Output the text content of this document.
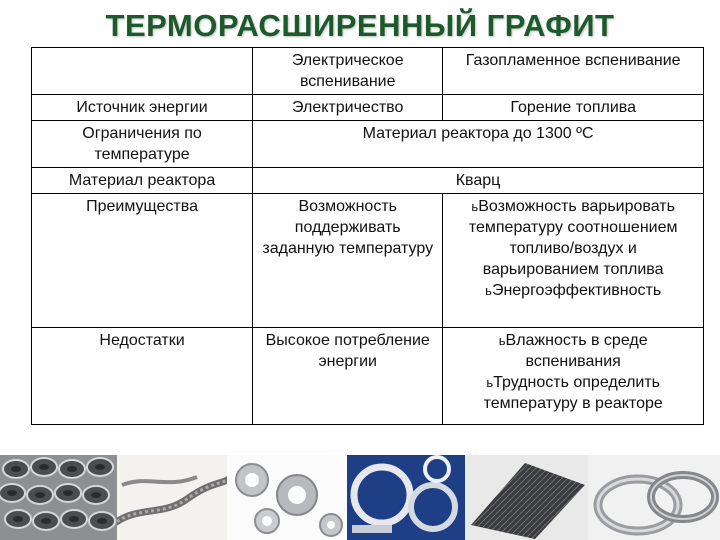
ТЕРМОРАСШИРЕННЫЙ ГРАФИТ
	Электрическое вспенивание	Газопламенное вспенивание
Источник энергии	Электричество	Горение топлива
Ограничения по температуре	Материал реактора до 1300 ºC	
Материал реактора	Кварц	
Преимущества	Возможность поддерживать заданную температуру	ьВозможность варьировать температуру соотношением топливо/воздух и варьированием топлива
ьЭнергоэффективность

Недостатки	Высокое потребление энергии	ьВлажность в среде вспенивания
ьТрудность определить температуру в реакторе
